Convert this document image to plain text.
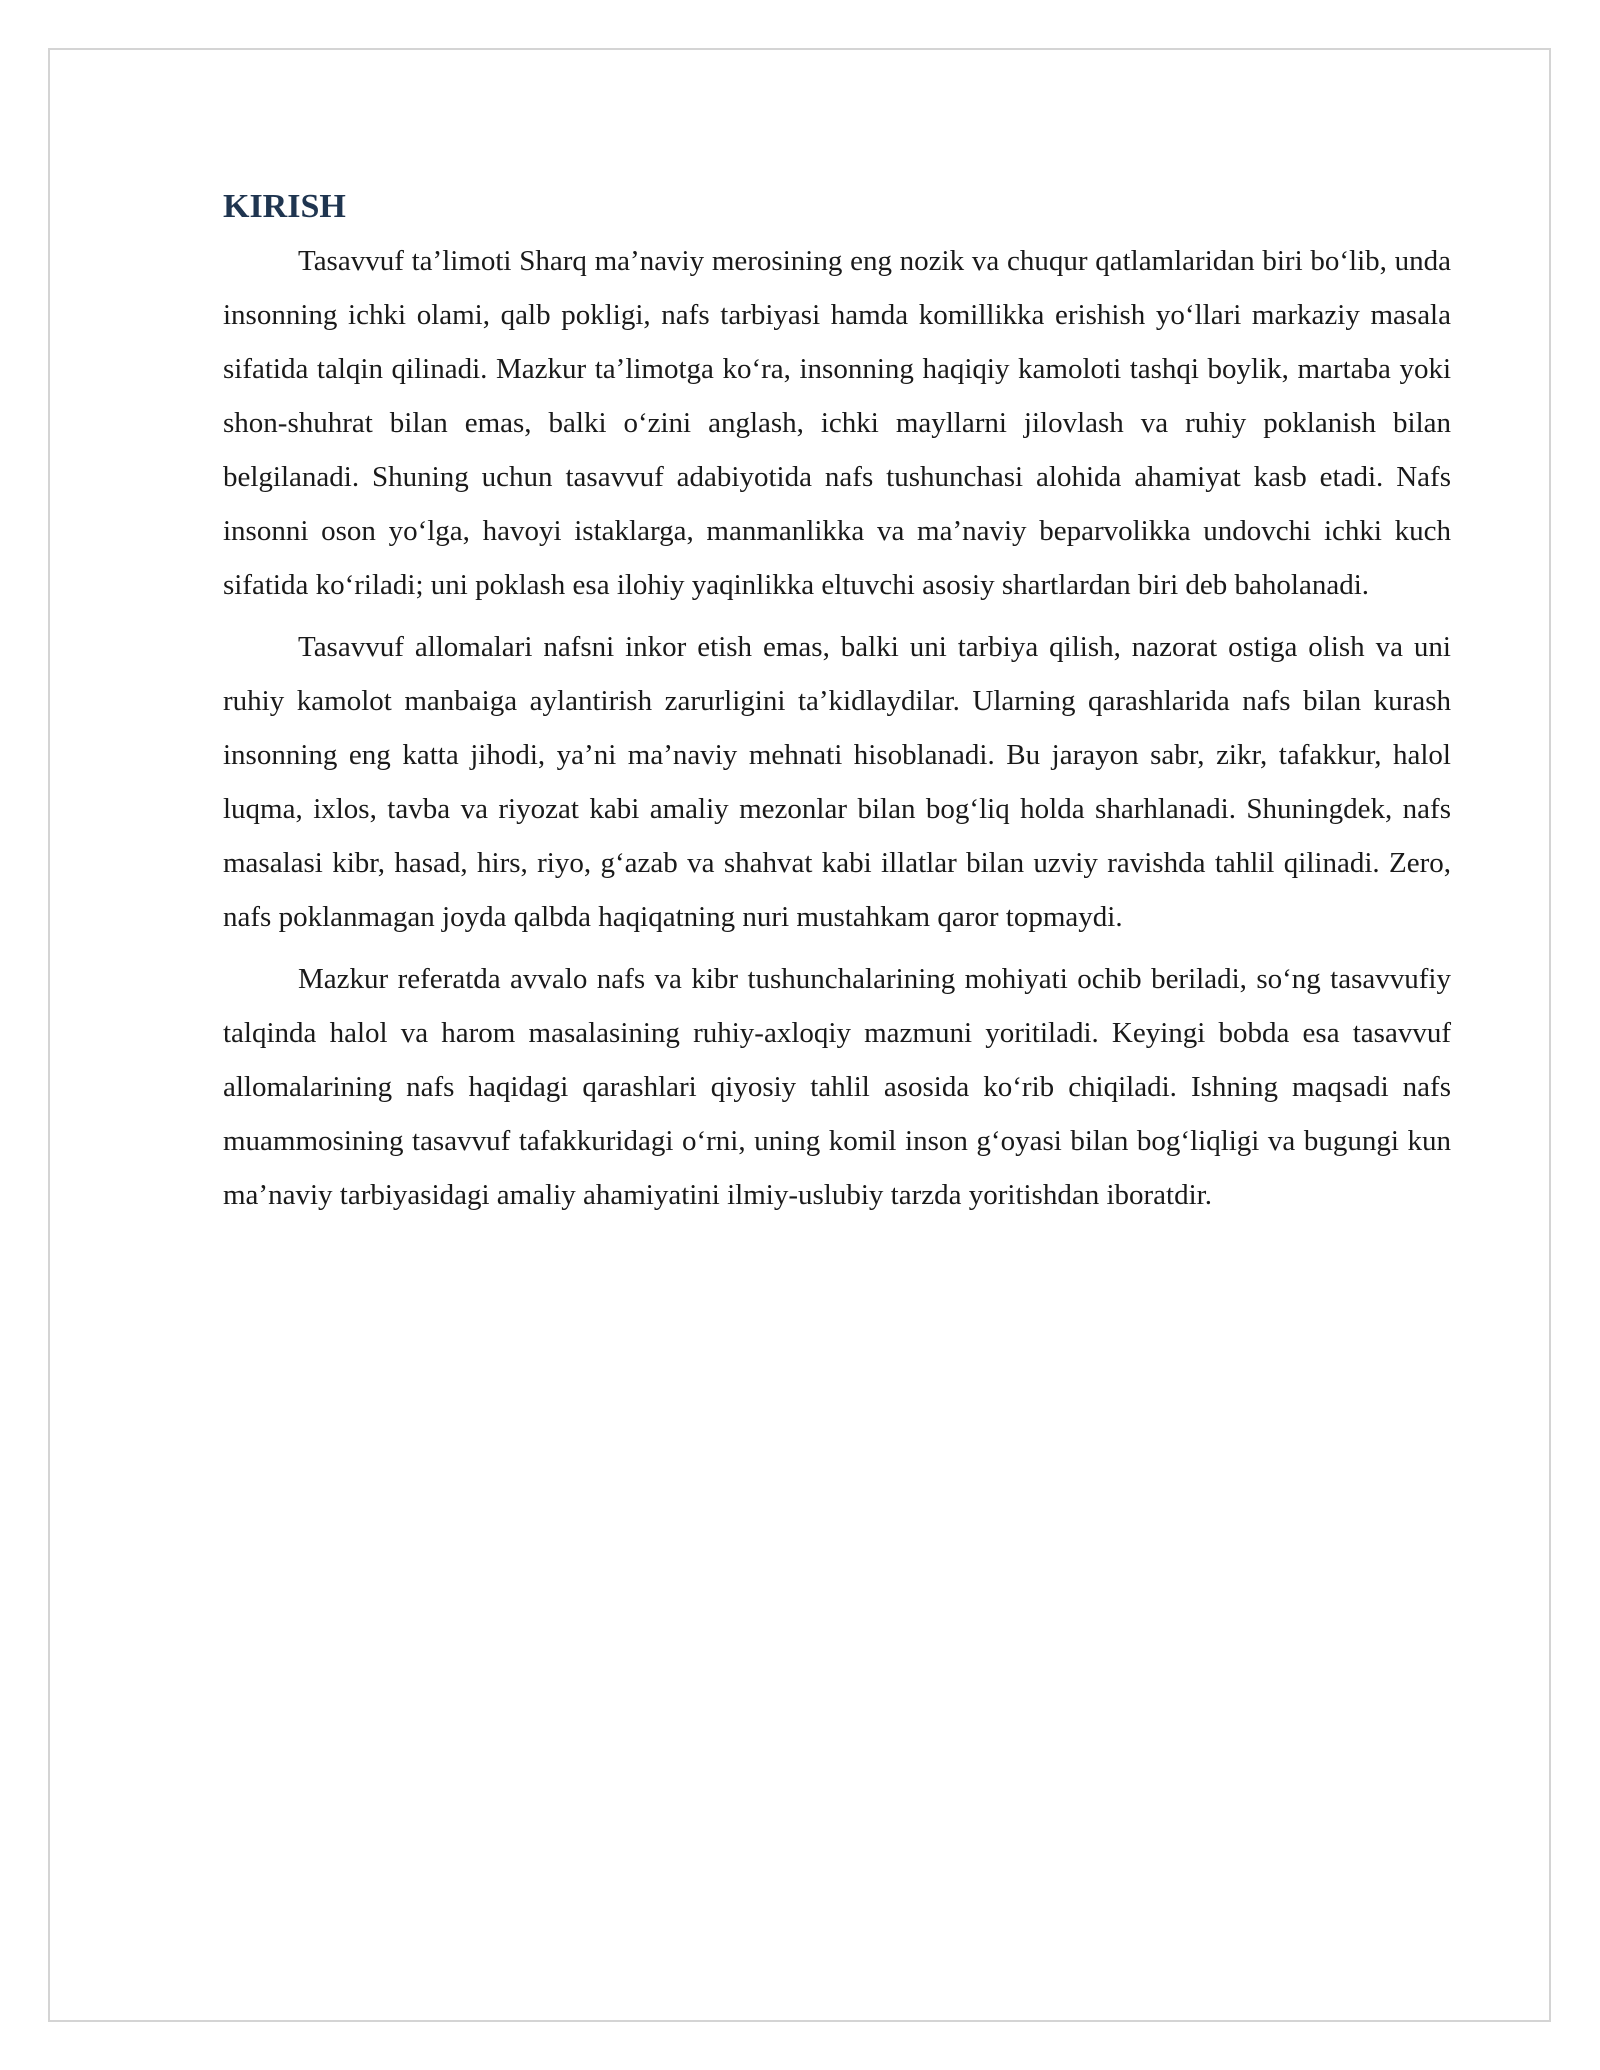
KIRISH

Tasavvuf ta’limoti Sharq ma’naviy merosining eng nozik va chuqur qatlamlaridan biri bo‘lib, unda insonning ichki olami, qalb pokligi, nafs tarbiyasi hamda komillikka erishish yo‘llari markaziy masala sifatida talqin qilinadi. Mazkur ta’limotga ko‘ra, insonning haqiqiy kamoloti tashqi boylik, martaba yoki shon-shuhrat bilan emas, balki o‘zini anglash, ichki mayllarni jilovlash va ruhiy poklanish bilan belgilanadi. Shuning uchun tasavvuf adabiyotida nafs tushunchasi alohida ahamiyat kasb etadi. Nafs insonni oson yo‘lga, havoyi istaklarga, manmanlikka va ma’naviy beparvolikka undovchi ichki kuch sifatida ko‘riladi; uni poklash esa ilohiy yaqinlikka eltuvchi asosiy shartlardan biri deb baholanadi.

Tasavvuf allomalari nafsni inkor etish emas, balki uni tarbiya qilish, nazorat ostiga olish va uni ruhiy kamolot manbaiga aylantirish zarurligini ta’kidlaydilar. Ularning qarashlarida nafs bilan kurash insonning eng katta jihodi, ya’ni ma’naviy mehnati hisoblanadi. Bu jarayon sabr, zikr, tafakkur, halol luqma, ixlos, tavba va riyozat kabi amaliy mezonlar bilan bog‘liq holda sharhlanadi. Shuningdek, nafs masalasi kibr, hasad, hirs, riyo, g‘azab va shahvat kabi illatlar bilan uzviy ravishda tahlil qilinadi. Zero, nafs poklanmagan joyda qalbda haqiqatning nuri mustahkam qaror topmaydi.

Mazkur referatda avvalo nafs va kibr tushunchalarining mohiyati ochib beriladi, so‘ng tasavvufiy talqinda halol va harom masalasining ruhiy-axloqiy mazmuni yoritiladi. Keyingi bobda esa tasavvuf allomalarining nafs haqidagi qarashlari qiyosiy tahlil asosida ko‘rib chiqiladi. Ishning maqsadi nafs muammosining tasavvuf tafakkuridagi o‘rni, uning komil inson g‘oyasi bilan bog‘liqligi va bugungi kun ma’naviy tarbiyasidagi amaliy ahamiyatini ilmiy-uslubiy tarzda yoritishdan iboratdir.
